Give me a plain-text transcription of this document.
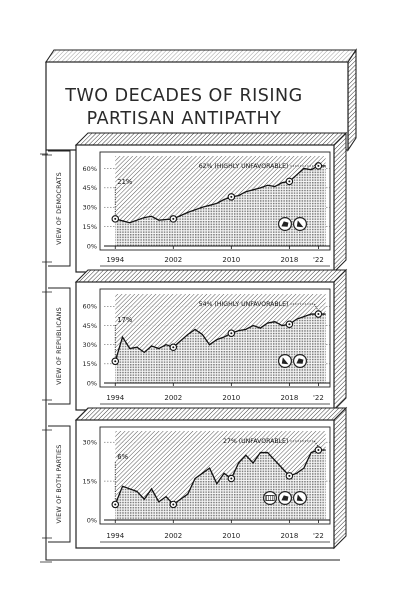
TWO DECADES OF RISING
PARTISAN ANTIPATHY
VIEW OF DEMOCRATS
0%
15%
30%
45%
60%
21%
62% (HIGHLY UNFAVORABLE)
1994	2002	2010	2018 '22
VIEW OF REPUBLICANS	0%
15%
30%
45%
60%
17%
54% (HIGHLY UNFAVORABLE)
1994	2002	2010	2018 '22
VIEW OF BOTH PARTIES	0%
15%
30%
6%
27% (UNFAVORABLE)
1994	2002	2010	2018 '22
